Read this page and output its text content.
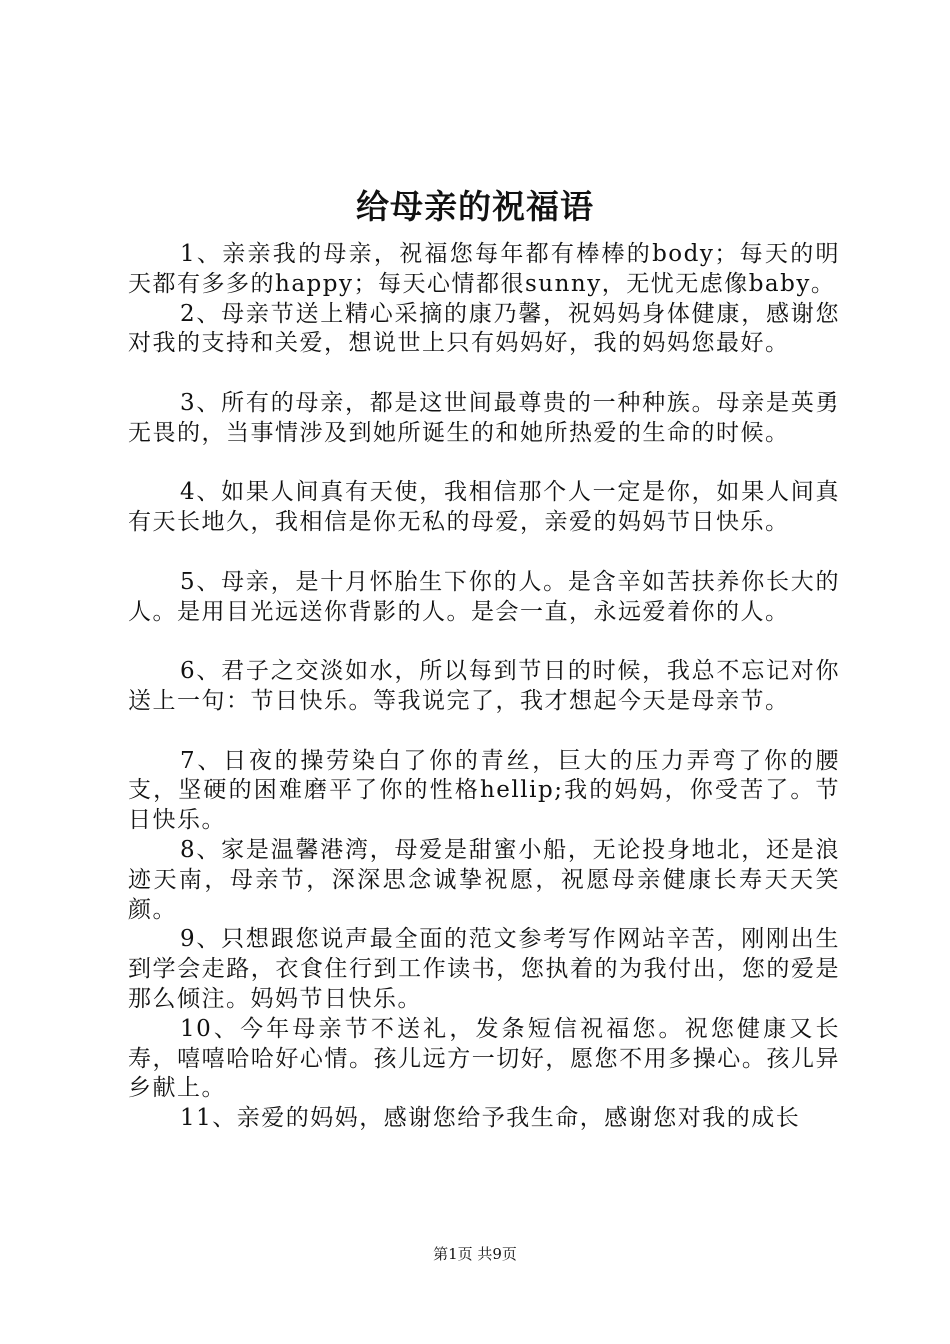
给母亲的祝福语

1、亲亲我的母亲，祝福您每年都有棒棒的body；每天的明天都有多多的happy；每天心情都很sunny，无忧无虑像baby。

2、母亲节送上精心采摘的康乃馨，祝妈妈身体健康，感谢您对我的支持和关爱，想说世上只有妈妈好，我的妈妈您最好。

3、所有的母亲，都是这世间最尊贵的一种种族。母亲是英勇无畏的，当事情涉及到她所诞生的和她所热爱的生命的时候。

4、如果人间真有天使，我相信那个人一定是你，如果人间真有天长地久，我相信是你无私的母爱，亲爱的妈妈节日快乐。

5、母亲，是十月怀胎生下你的人。是含辛如苦扶养你长大的人。是用目光远送你背影的人。是会一直，永远爱着你的人。

6、君子之交淡如水，所以每到节日的时候，我总不忘记对你送上一句：节日快乐。等我说完了，我才想起今天是母亲节。

7、日夜的操劳染白了你的青丝，巨大的压力弄弯了你的腰支，坚硬的困难磨平了你的性格hellip;我的妈妈，你受苦了。节日快乐。

8、家是温馨港湾，母爱是甜蜜小船，无论投身地北，还是浪迹天南，母亲节，深深思念诚挚祝愿，祝愿母亲健康长寿天天笑颜。

9、只想跟您说声最全面的范文参考写作网站辛苦，刚刚出生到学会走路，衣食住行到工作读书，您执着的为我付出，您的爱是那么倾注。妈妈节日快乐。

10、今年母亲节不送礼，发条短信祝福您。祝您健康又长寿，嘻嘻哈哈好心情。孩儿远方一切好，愿您不用多操心。孩儿异乡献上。

11、亲爱的妈妈，感谢您给予我生命，感谢您对我的成长

第1页 共9页
